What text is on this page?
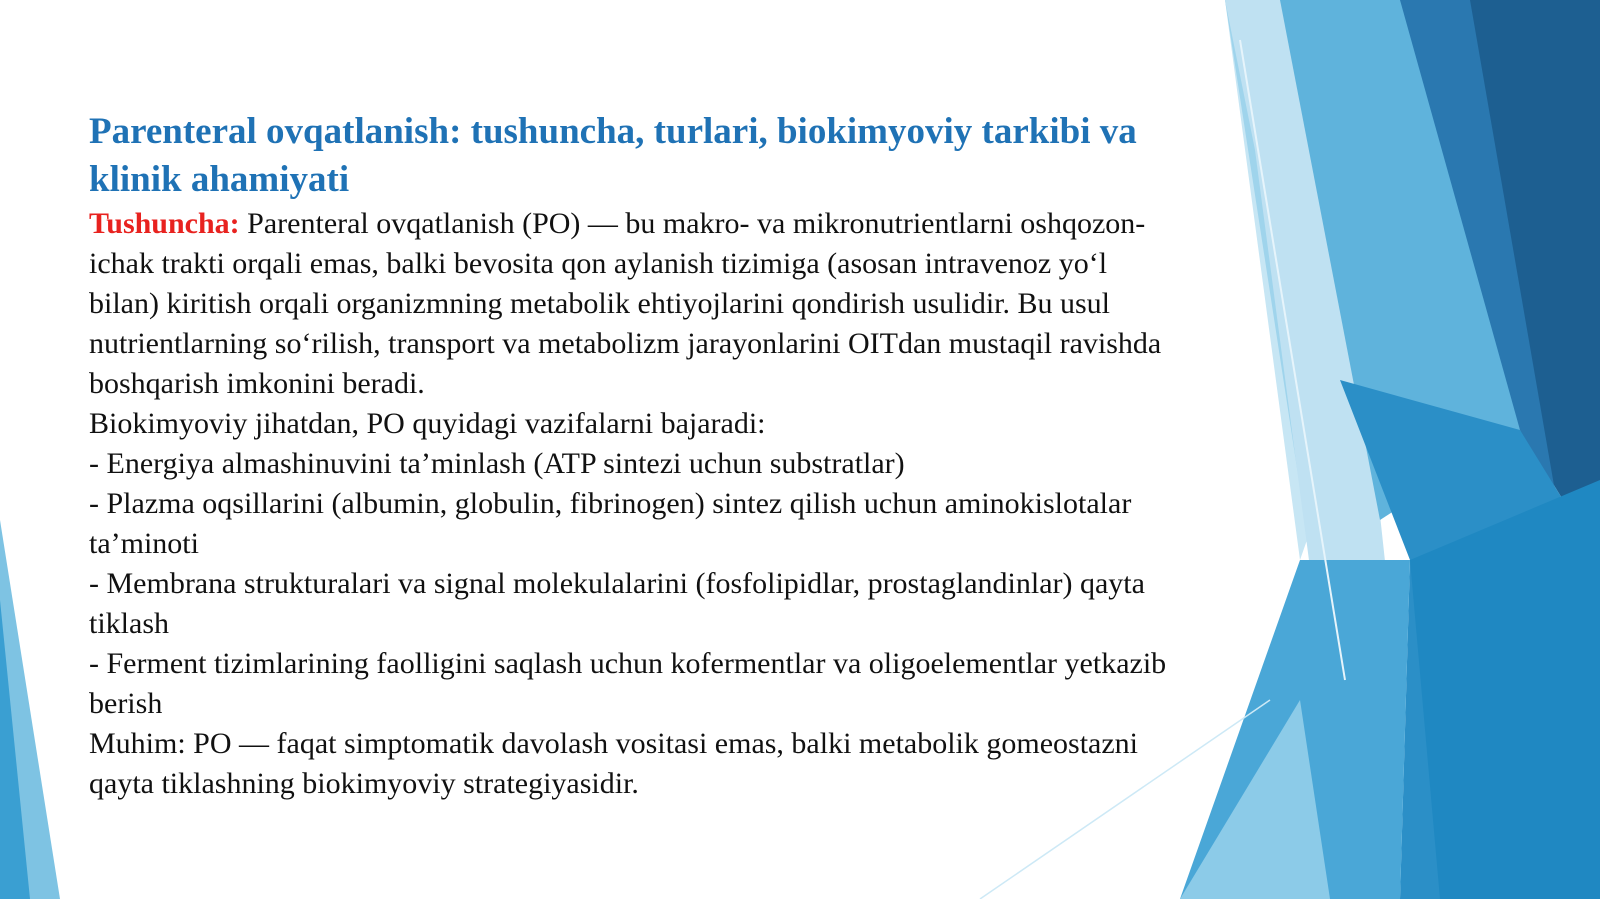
Parenteral ovqatlanish: tushuncha, turlari, biokimyoviy tarkibi va klinik ahamiyati

Tushuncha: Parenteral ovqatlanish (PO) — bu makro- va mikronutrientlarni oshqozon-ichak trakti orqali emas, balki bevosita qon aylanish tizimiga (asosan intravenoz yo‘l bilan) kiritish orqali organizmning metabolik ehtiyojlarini qondirish usulidir. Bu usul nutrientlarning so‘rilish, transport va metabolizm jarayonlarini OITdan mustaqil ravishda boshqarish imkonini beradi.

Biokimyoviy jihatdan, PO quyidagi vazifalarni bajaradi:

- Energiya almashinuvini ta’minlash (ATP sintezi uchun substratlar)

- Plazma oqsillarini (albumin, globulin, fibrinogen) sintez qilish uchun aminokislotalar ta’minoti

- Membrana strukturalari va signal molekulalarini (fosfolipidlar, prostaglandinlar) qayta tiklash

- Ferment tizimlarining faolligini saqlash uchun kofermentlar va oligoelementlar yetkazib berish

Muhim: PO — faqat simptomatik davolash vositasi emas, balki metabolik gomeostazni qayta tiklashning biokimyoviy strategiyasidir.
